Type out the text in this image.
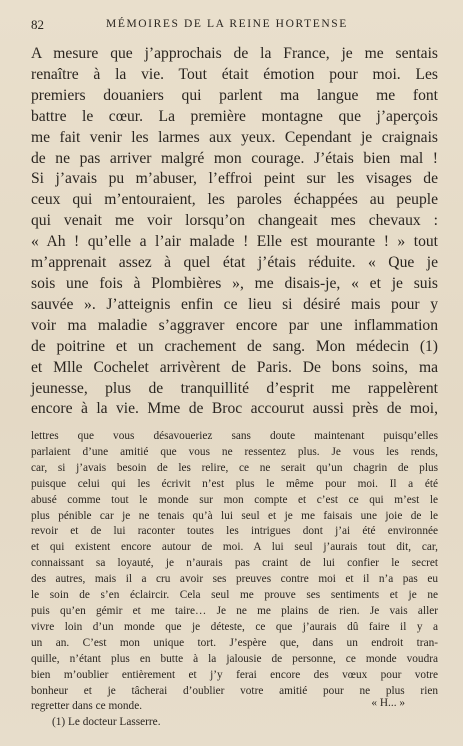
82	MÉMOIRES DE LA REINE HORTENSE
A mesure que j’approchais de la France, je me sentais
renaître à la vie. Tout était émotion pour moi. Les
premiers douaniers qui parlent ma langue me font
battre le cœur. La première montagne que j’aperçois
me fait venir les larmes aux yeux. Cependant je craignais
de ne pas arriver malgré mon courage. J’étais bien mal !
Si j’avais pu m’abuser, l’effroi peint sur les visages de
ceux qui m’entouraient, les paroles échappées au peuple
qui venait me voir lorsqu’on changeait mes chevaux :
« Ah ! qu’elle a l’air malade ! Elle est mourante ! » tout
m’apprenait assez à quel état j’étais réduite. « Que je
sois une fois à Plombières », me disais-je, « et je suis
sauvée ». J’atteignis enfin ce lieu si désiré mais pour y
voir ma maladie s’aggraver encore par une inflammation
de poitrine et un crachement de sang. Mon médecin (1)
et Mlle Cochelet arrivèrent de Paris. De bons soins, ma
jeunesse, plus de tranquillité d’esprit me rappelèrent
encore à la vie. Mme de Broc accourut aussi près de moi,
lettres que vous désavoueriez sans doute maintenant puisqu’elles
parlaient d’une amitié que vous ne ressentez plus. Je vous les rends,
car, si j’avais besoin de les relire, ce ne serait qu’un chagrin de plus
puisque celui qui les écrivit n’est plus le même pour moi. Il a été
abusé comme tout le monde sur mon compte et c’est ce qui m’est le
plus pénible car je ne tenais qu’à lui seul et je me faisais une joie de le
revoir et de lui raconter toutes les intrigues dont j’ai été environnée
et qui existent encore autour de moi. A lui seul j’aurais tout dit, car,
connaissant sa loyauté, je n’aurais pas craint de lui confier le secret
des autres, mais il a cru avoir ses preuves contre moi et il n’a pas eu
le soin de s’en éclaircir. Cela seul me prouve ses sentiments et je ne
puis qu’en gémir et me taire… Je ne me plains de rien. Je vais aller
vivre loin d’un monde que je déteste, ce que j’aurais dû faire il y a
un an. C’est mon unique tort. J’espère que, dans un endroit tran-
quille, n’étant plus en butte à la jalousie de personne, ce monde voudra
bien m’oublier entièrement et j’y ferai encore des vœux pour votre
bonheur et je tâcherai d’oublier votre amitié pour ne plus rien
regretter dans ce monde.	« H... »
(1) Le docteur Lasserre.
